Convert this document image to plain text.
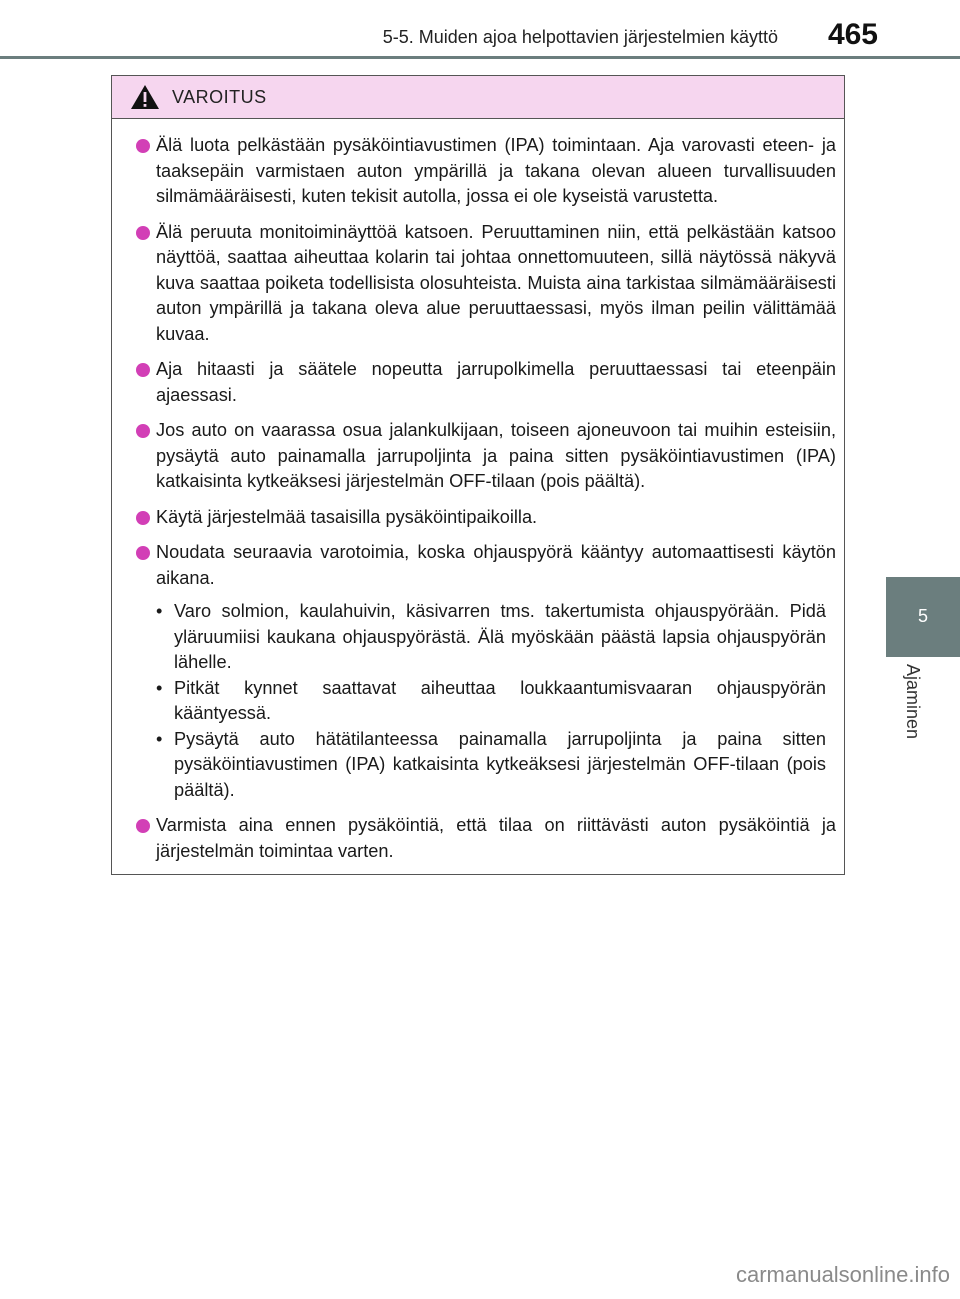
5-5. Muiden ajoa helpottavien järjestelmien käyttö 465
5
Ajaminen
VAROITUS
Älä luota pelkästään pysäköintiavustimen (IPA) toimintaan. Aja varovasti eteen- ja taaksepäin varmistaen auton ympärillä ja takana olevan alueen turvallisuuden silmämääräisesti, kuten tekisit autolla, jossa ei ole kyseistä varustetta.
Älä peruuta monitoiminäyttöä katsoen. Peruuttaminen niin, että pelkästään katsoo näyttöä, saattaa aiheuttaa kolarin tai johtaa onnettomuuteen, sillä näytössä näkyvä kuva saattaa poiketa todellisista olosuhteista. Muista aina tarkistaa silmämääräisesti auton ympärillä ja takana oleva alue peruuttaessasi, myös ilman peilin välittämää kuvaa.
Aja hitaasti ja säätele nopeutta jarrupolkimella peruuttaessasi tai eteenpäin ajaessasi.
Jos auto on vaarassa osua jalankulkijaan, toiseen ajoneuvoon tai muihin esteisiin, pysäytä auto painamalla jarrupoljinta ja paina sitten pysäköintiavustimen (IPA) katkaisinta kytkeäksesi järjestelmän OFF-tilaan (pois päältä).
Käytä järjestelmää tasaisilla pysäköintipaikoilla.
Noudata seuraavia varotoimia, koska ohjauspyörä kääntyy automaattisesti käytön aikana.
• Varo solmion, kaulahuivin, käsivarren tms. takertumista ohjauspyörään. Pidä yläruumiisi kaukana ohjauspyörästä. Älä myöskään päästä lapsia ohjauspyörän lähelle.
• Pitkät kynnet saattavat aiheuttaa loukkaantumisvaaran ohjauspyörän kääntyessä.
• Pysäytä auto hätätilanteessa painamalla jarrupoljinta ja paina sitten pysäköintiavustimen (IPA) katkaisinta kytkeäksesi järjestelmän OFF-tilaan (pois päältä).
Varmista aina ennen pysäköintiä, että tilaa on riittävästi auton pysäköintiä ja järjestelmän toimintaa varten.
carmanualsonline.info
